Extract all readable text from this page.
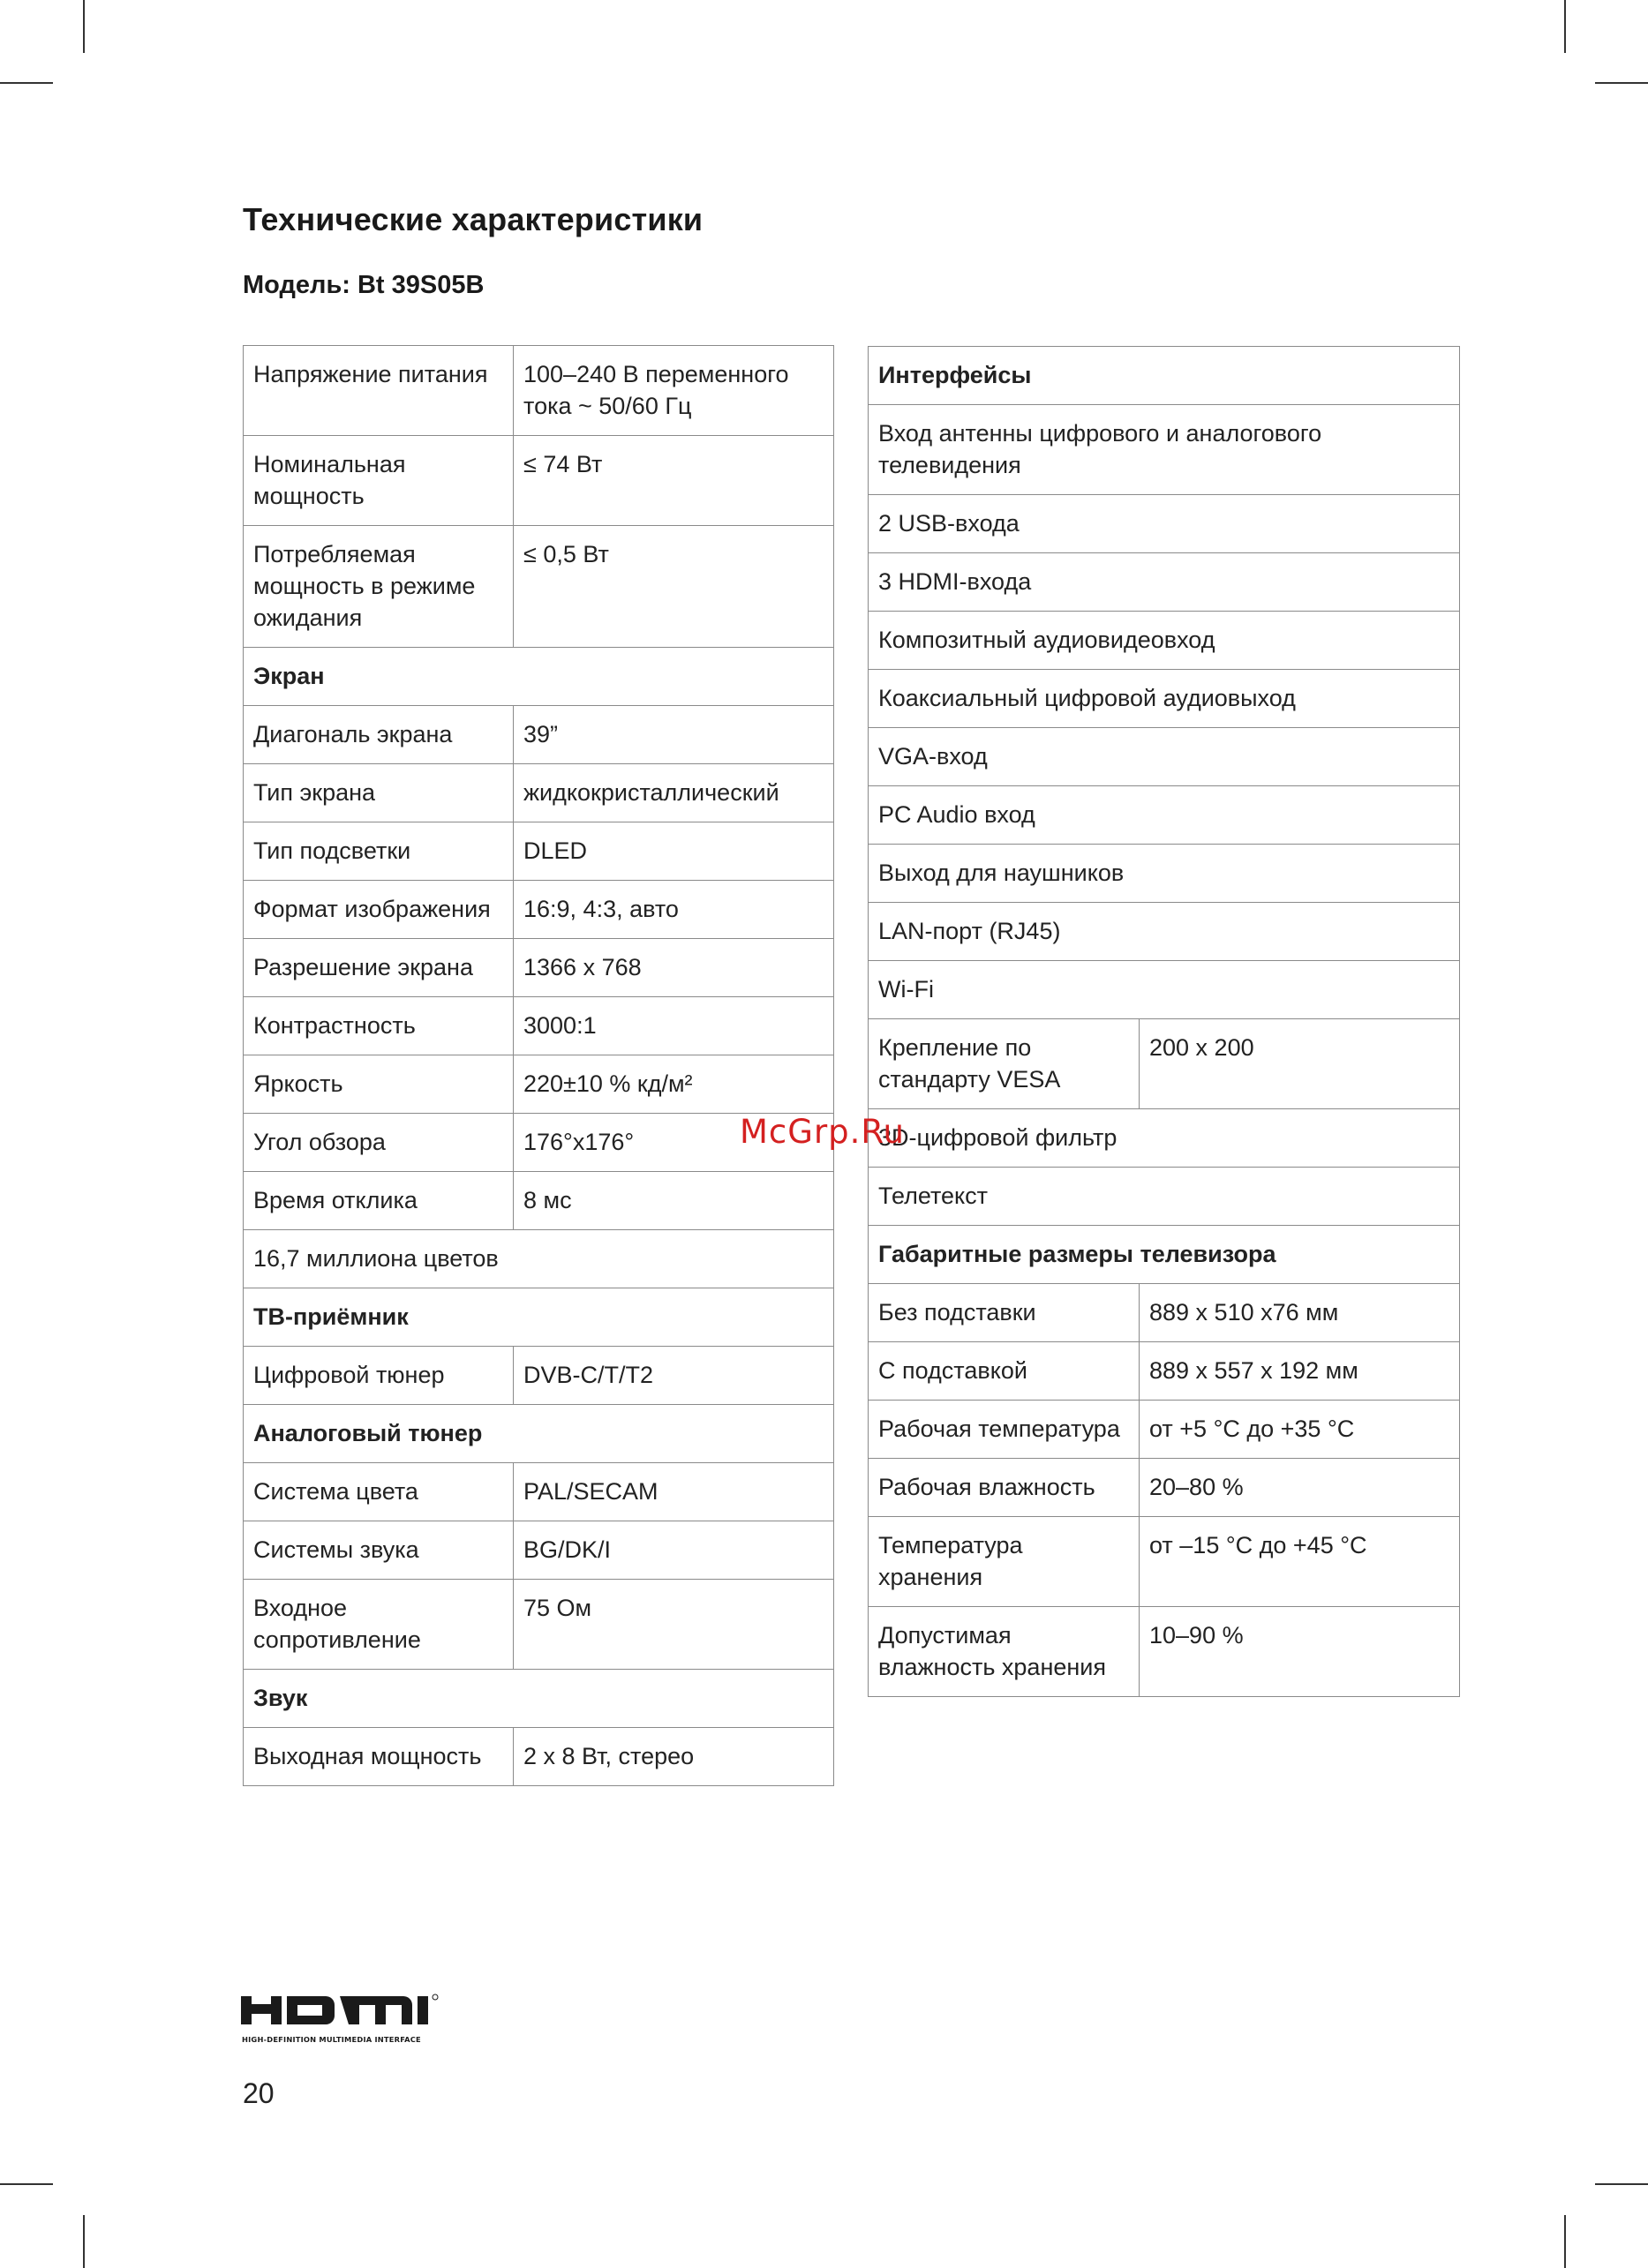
Технические характеристики
Модель: Bt 39S05B
Напряжение питания	100–240 В переменного тока ~ 50/60 Гц
Номинальная мощность	≤ 74 Вт
Потребляемая мощность в режиме ожидания	≤ 0,5 Вт
Экран	
Диагональ экрана	39”
Тип экрана	жидкокристаллический
Тип подсветки	DLED
Формат изображения	16:9, 4:3, авто
Разрешение экрана	1366 x 768
Контрастность	3000:1
Яркость	220±10 % кд/м²
Угол обзора	176°x176°
Время отклика	8 мс
16,7 миллиона цветов	
ТВ-приёмник	
Цифровой тюнер	DVB-C/T/T2
Аналоговый тюнер	
Система цвета	PAL/SECAM
Системы звука	BG/DK/I
Входное сопротивление	75 Ом
Звук	
Выходная мощность	2 x 8 Вт, стерео
Интерфейсы	
Вход антенны цифрового и аналогового телевидения	
2 USB-входа	
3 HDMI-входа	
Композитный аудиовидеовход	
Коаксиальный цифровой аудиовыход	
VGA-вход	
PC Audio вход	
Выход для наушников	
LAN-порт (RJ45)	
Wi-Fi	
Крепление по стандарту VESA	200 x 200
3D-цифровой фильтр	
Телетекст	
Габаритные размеры телевизора	
Без подставки	889 x 510 x76 мм
С подставкой	889 x 557 x 192 мм
Рабочая температура	от +5 °С до +35 °С
Рабочая влажность	20–80 %
Температура хранения	от –15 °С до +45 °С
Допустимая влажность хранения	10–90 %
McGrp.Ru
HIGH-DEFINITION MULTIMEDIA INTERFACE
20
